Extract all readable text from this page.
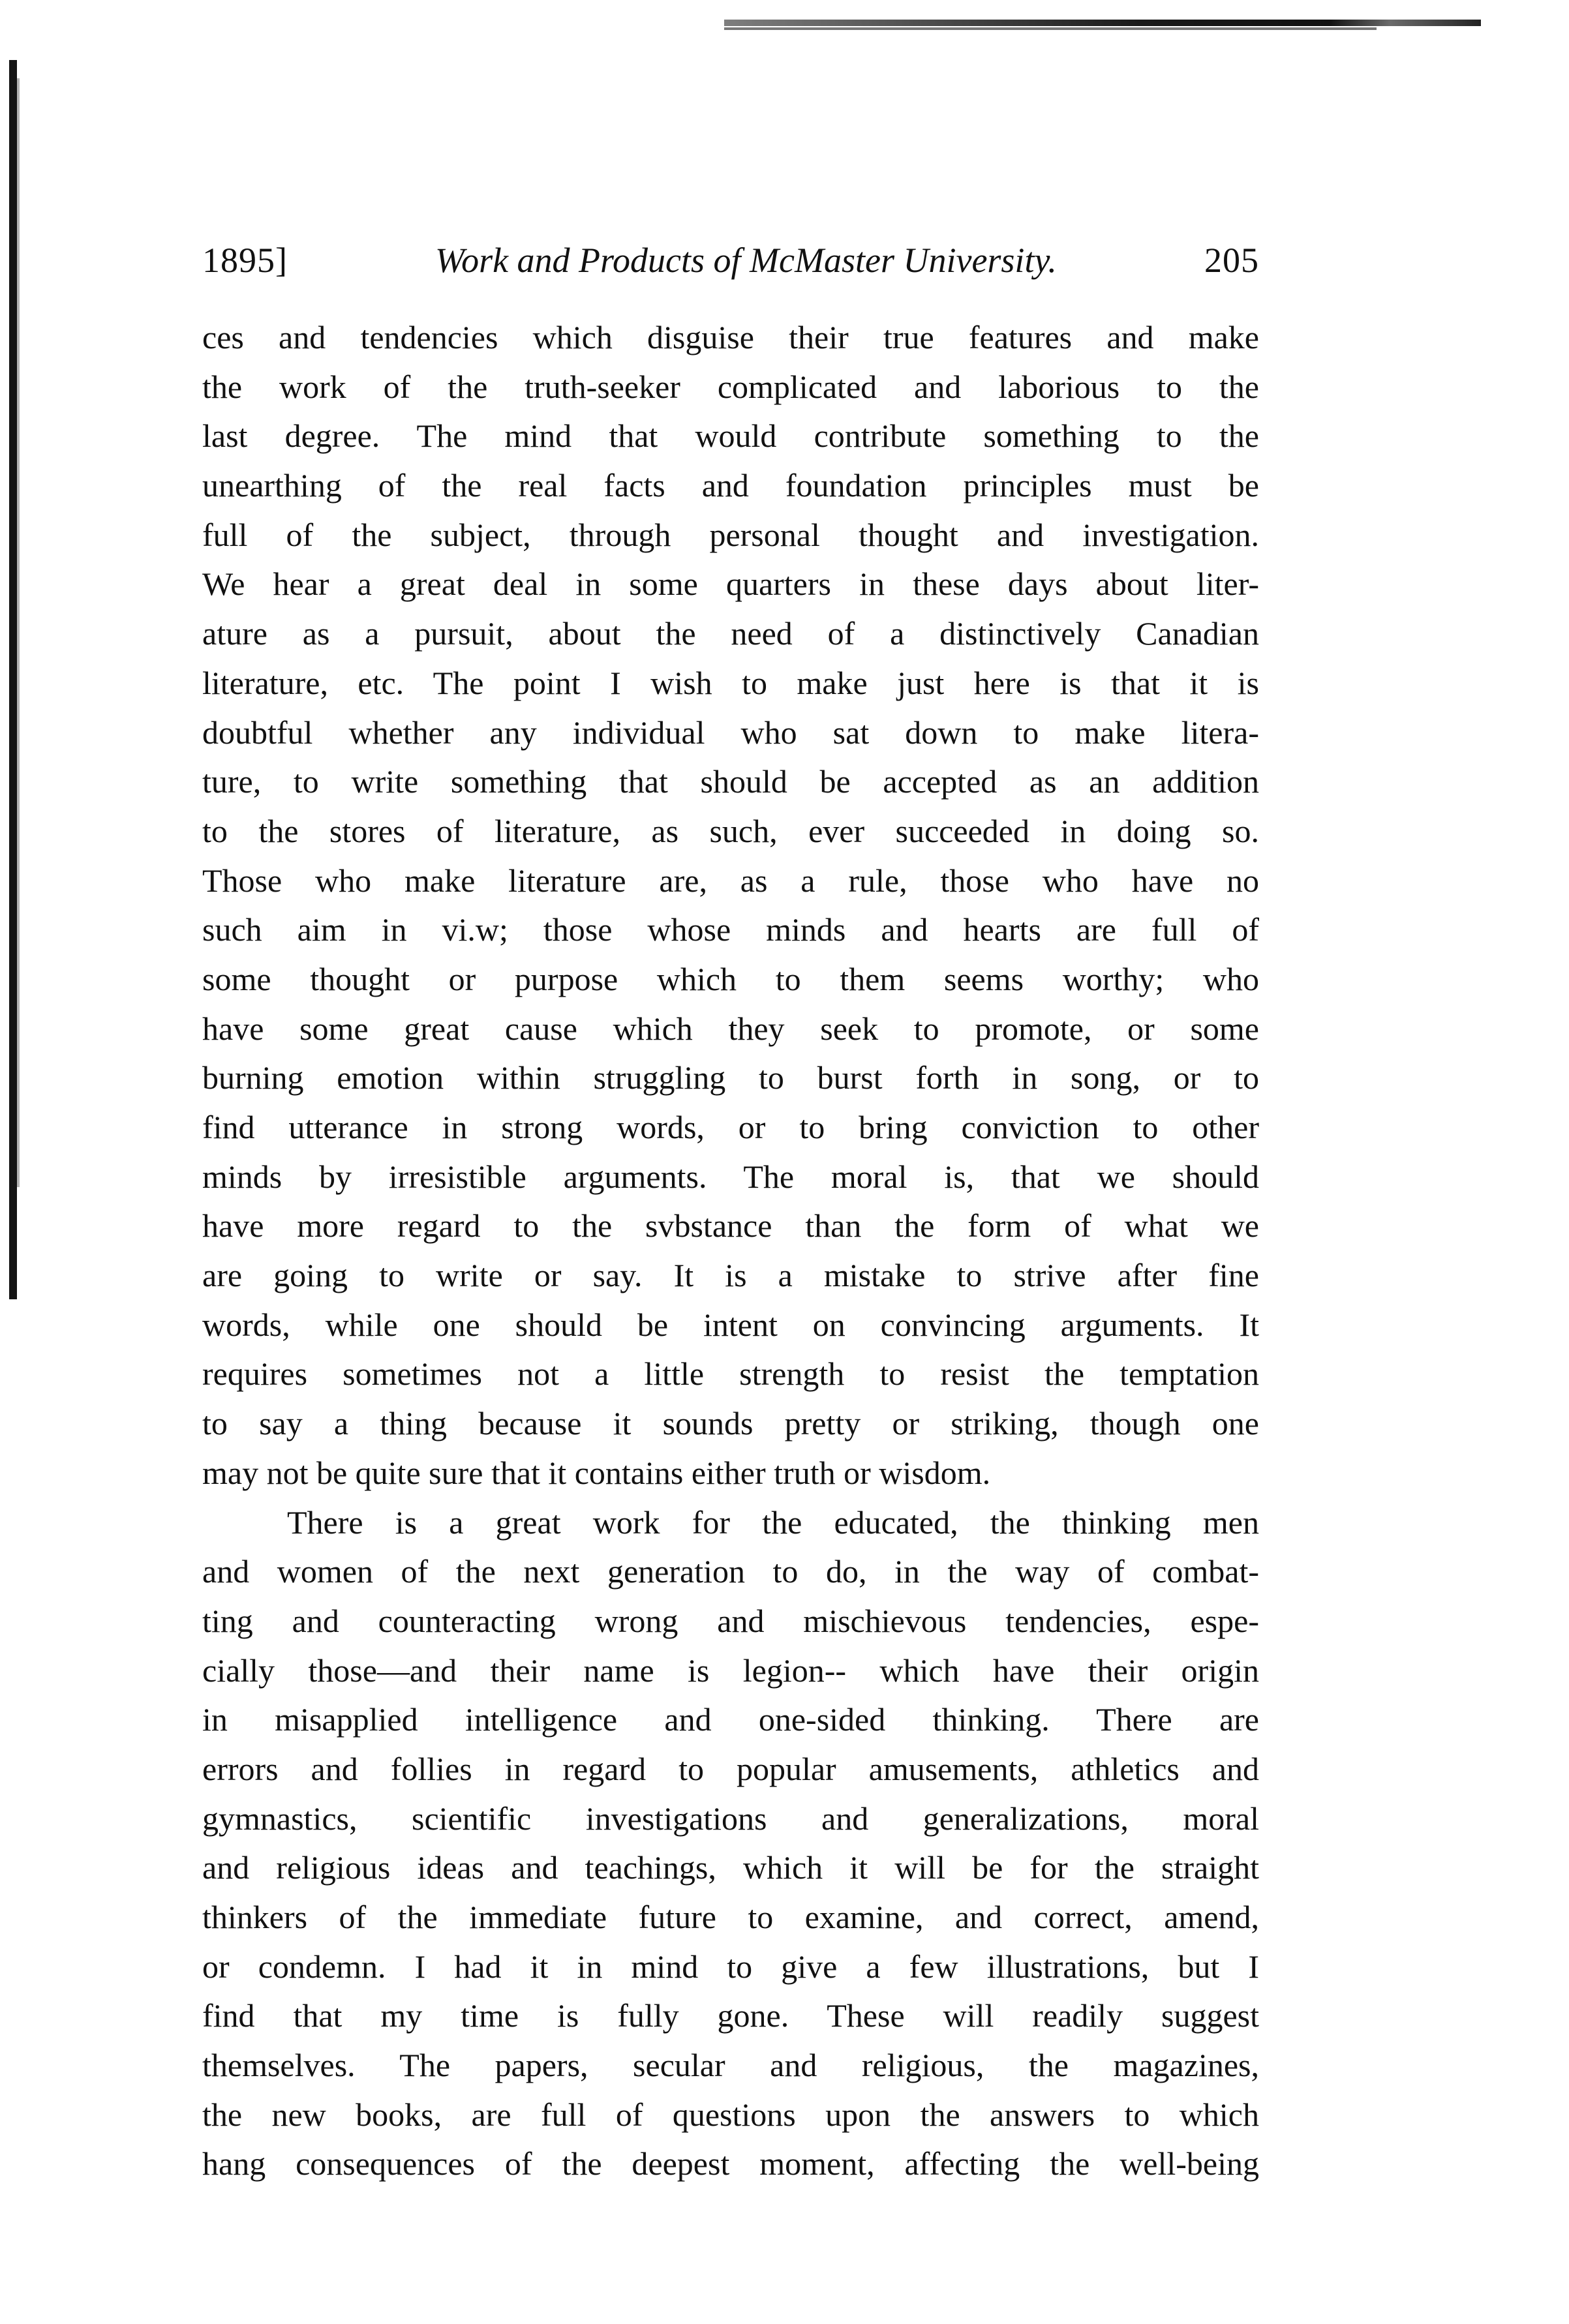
1895]	Work and Products of McMaster University.	205
ces and tendencies which disguise their true features and make
the work of the truth-seeker complicated and laborious to the
last degree. The mind that would contribute something to the
unearthing of the real facts and foundation principles must be
full of the subject, through personal thought and investigation.
We hear a great deal in some quarters in these days about liter-
ature as a pursuit, about the need of a distinctively Canadian
literature, etc. The point I wish to make just here is that it is
doubtful whether any individual who sat down to make litera-
ture, to write something that should be accepted as an addition
to the stores of literature, as such, ever succeeded in doing so.
Those who make literature are, as a rule, those who have no
such aim in vi.w; those whose minds and hearts are full of
some thought or purpose which to them seems worthy; who
have some great cause which they seek to promote, or some
burning emotion within struggling to burst forth in song, or to
find utterance in strong words, or to bring conviction to other
minds by irresistible arguments. The moral is, that we should
have more regard to the svbstance than the form of what we
are going to write or say. It is a mistake to strive after fine
words, while one should be intent on convincing arguments. It
requires sometimes not a little strength to resist the temptation
to say a thing because it sounds pretty or striking, though one
may not be quite sure that it contains either truth or wisdom.
There is a great work for the educated, the thinking men
and women of the next generation to do, in the way of combat-
ting and counteracting wrong and mischievous tendencies, espe-
cially those—and their name is legion-- which have their origin
in misapplied intelligence and one-sided thinking. There are
errors and follies in regard to popular amusements, athletics and
gymnastics, scientific investigations and generalizations, moral
and religious ideas and teachings, which it will be for the straight
thinkers of the immediate future to examine, and correct, amend,
or condemn. I had it in mind to give a few illustrations, but I
find that my time is fully gone. These will readily suggest
themselves. The papers, secular and religious, the magazines,
the new books, are full of questions upon the answers to which
hang consequences of the deepest moment, affecting the well-being
